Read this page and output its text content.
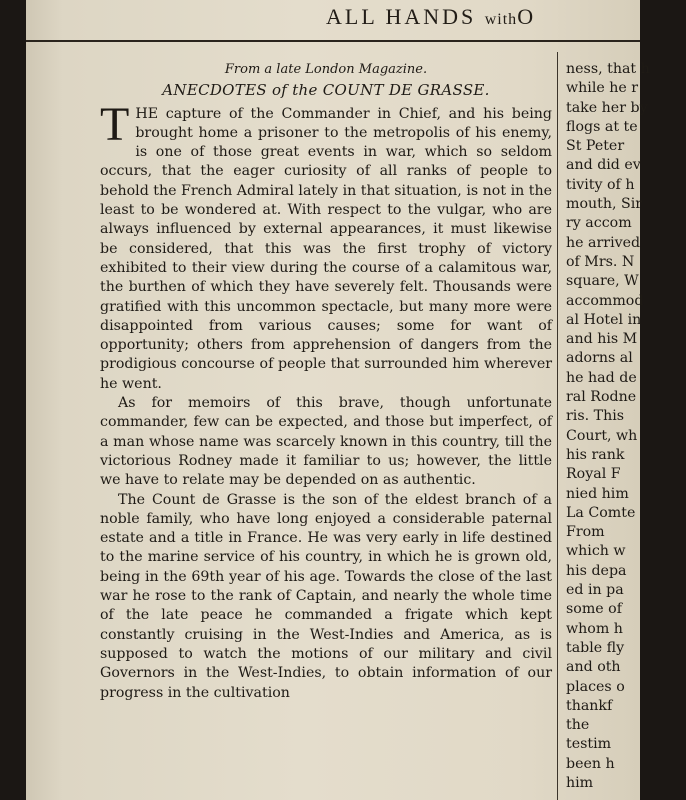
ALL HANDS withO

From a late London Magazine.

ANECDOTES of the COUNT DE GRASSE.

THE capture of the Commander in Chief, and his being brought home a prisoner to the metropolis of his enemy, is one of those great events in war, which so seldom occurs, that the eager curiosity of all ranks of people to behold the French Admiral lately in that situation, is not in the least to be wondered at. With respect to the vulgar, who are always influenced by external appearances, it must likewise be considered, that this was the first trophy of victory exhibited to their view during the course of a calamitous war, the burthen of which they have severely felt. Thousands were gratified with this uncommon spectacle, but many more were disappointed from various causes; some for want of opportunity; others from apprehension of dangers from the prodigious concourse of people that surrounded him wherever he went.

As for memoirs of this brave, though unfortunate commander, few can be expected, and those but imperfect, of a man whose name was scarcely known in this country, till the victorious Rodney made it familiar to us; however, the little we have to relate may be depended on as authentic.

The Count de Grasse is the son of the eldest branch of a noble family, who have long enjoyed a considerable paternal estate and a title in France. He was very early in life destined to the marine service of his country, in which he is grown old, being in the 69th year of his age. Towards the close of the last war he rose to the rank of Captain, and nearly the whole time of the late peace he commanded a frigate which kept constantly cruising in the West-Indies and America, as is supposed to watch the motions of our military and civil Governors in the West-Indies, to obtain information of our progress in the cultivation

ness, that h
while he r
take her by
flogs at te
St Peter
and did ev
tivity of h
mouth, Sir
ry accom
he arrived
of Mrs. N
square, W
accommod
al Hotel in
and his M
adorns al
he had de
ral Rodne
ris. This
Court, wh
his rank
Royal F
nied him
La Comte
From
which w
his depa
ed in pa
some of
whom h
table fly
and oth
places o
thankf
the
testim
been h
him
